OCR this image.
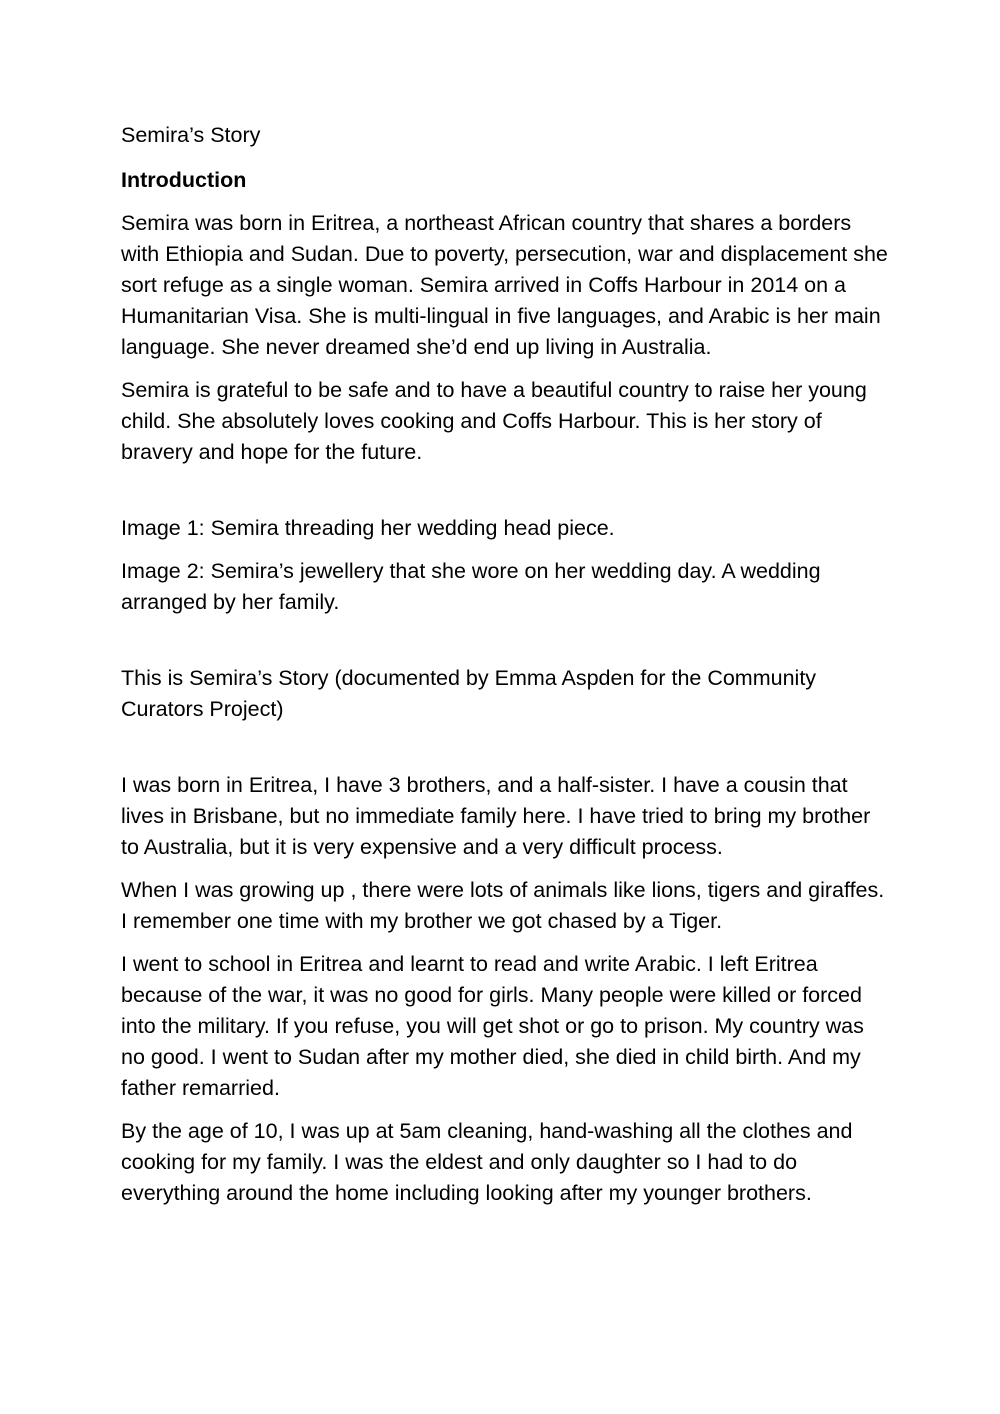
Semira’s Story

Introduction

Semira was born in Eritrea, a northeast African country that shares a borders with Ethiopia and Sudan. Due to poverty, persecution, war and displacement she sort refuge as a single woman. Semira arrived in Coffs Harbour in 2014 on a Humanitarian Visa. She is multi-lingual in five languages, and Arabic is her main language. She never dreamed she’d end up living in Australia.

Semira is grateful to be safe and to have a beautiful country to raise her young child. She absolutely loves cooking and Coffs Harbour. This is her story of bravery and hope for the future.

Image 1: Semira threading her wedding head piece.

Image 2: Semira’s jewellery that she wore on her wedding day. A wedding arranged by her family.

This is Semira’s Story (documented by Emma Aspden for the Community Curators Project)

I was born in Eritrea, I have 3 brothers, and a half-sister. I have a cousin that lives in Brisbane, but no immediate family here. I have tried to bring my brother to Australia, but it is very expensive and a very difficult process.

When I was growing up , there were lots of animals like lions, tigers and giraffes. I remember one time with my brother we got chased by a Tiger.

I went to school in Eritrea and learnt to read and write Arabic. I left Eritrea because of the war, it was no good for girls. Many people were killed or forced into the military. If you refuse, you will get shot or go to prison. My country was no good. I went to Sudan after my mother died, she died in child birth. And my father remarried.

By the age of 10, I was up at 5am cleaning, hand-washing all the clothes and cooking for my family. I was the eldest and only daughter so I had to do everything around the home including looking after my younger brothers.
